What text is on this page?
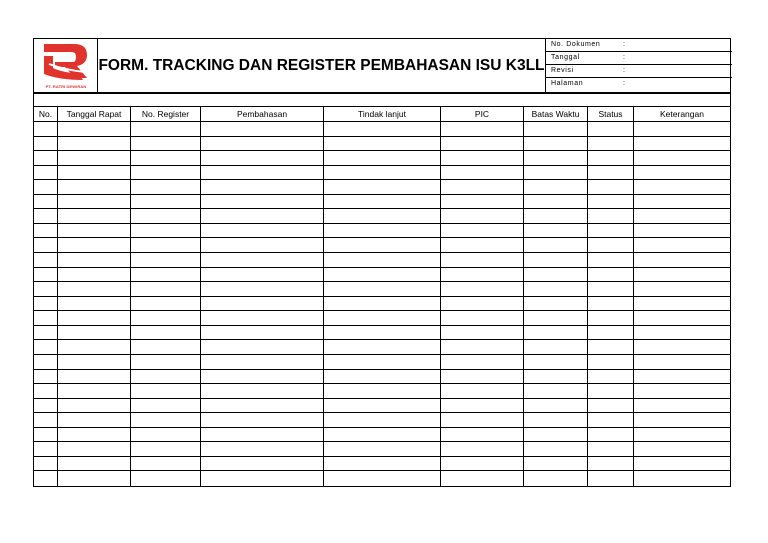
PT. RATRI DEWIRAN
FORM. TRACKING DAN REGISTER PEMBAHASAN ISU K3LL
No. Dokumen	:
Tanggal	:
Revisi	:
Halaman	:
No.	Tanggal Rapat	No. Register	Pembahasan	Tindak lanjut	PIC	Batas Waktu	Status	Keterangan
